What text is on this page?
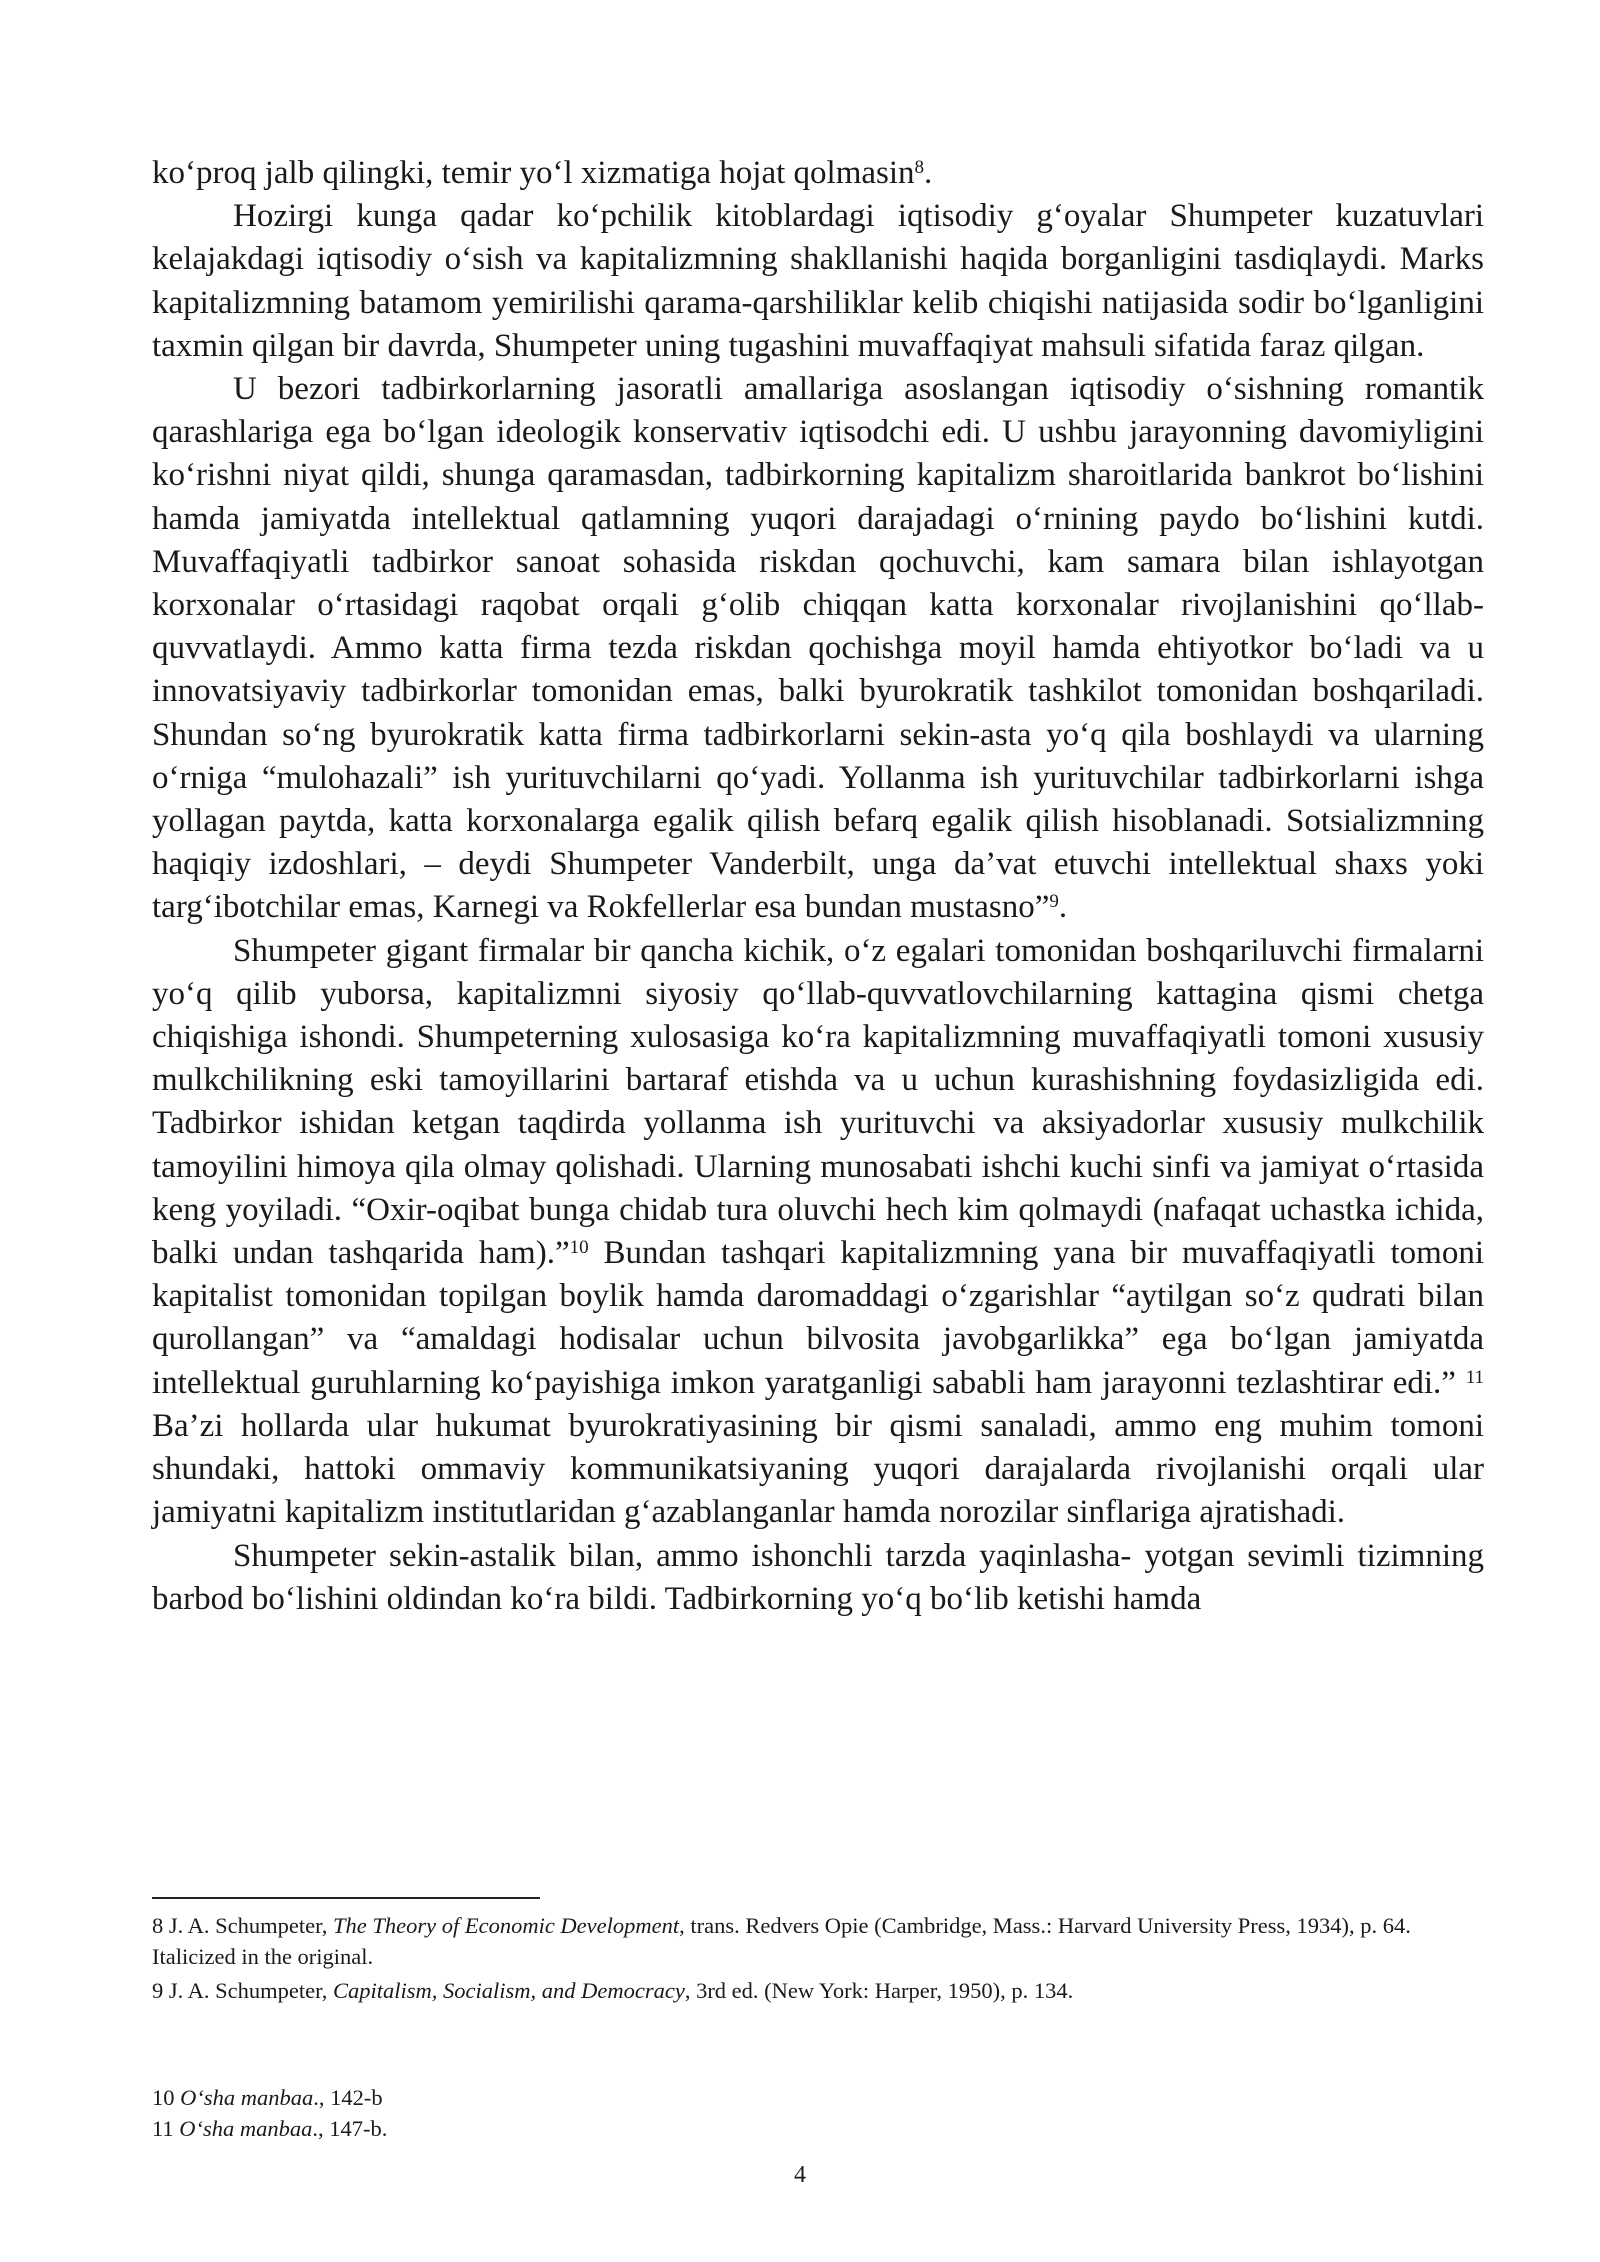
ko‘proq jalb qilingki, temir yo‘l xizmatiga hojat qolmasin$^8$.

Hozirgi kunga qadar ko‘pchilik kitoblardagi iqtisodiy g‘oyalar Shumpeter kuzatuvlari kelajakdagi iqtisodiy o‘sish va kapitalizmning shakllanishi haqida borganligini tasdiqlaydi. Marks kapitalizmning batamom yemirilishi qarama-qarshiliklar kelib chiqishi natijasida sodir bo‘lganligini taxmin qilgan bir davrda, Shumpeter uning tugashini muvaffaqiyat mahsuli sifatida faraz qilgan.

U bezori tadbirkorlarning jasoratli amallariga asoslangan iqtisodiy o‘sishning romantik qarashlariga ega bo‘lgan ideologik konservativ iqtisodchi edi. U ushbu jarayonning davomiyligini ko‘rishni niyat qildi, shunga qaramasdan, tadbirkorning kapitalizm sharoitlarida bankrot bo‘lishini hamda jamiyatda intellektual qatlamning yuqori darajadagi o‘rnining paydo bo‘lishini kutdi. Muvaffaqiyatli tadbirkor sanoat sohasida riskdan qochuvchi, kam samara bilan ishlayotgan korxonalar o‘rtasidagi raqobat orqali g‘olib chiqqan katta korxonalar rivojlanishini qo‘llab-quvvatlaydi. Ammo katta firma tezda riskdan qochishga moyil hamda ehtiyotkor bo‘ladi va u innovatsiyaviy tadbirkorlar tomonidan emas, balki byurokratik tashkilot tomonidan boshqariladi. Shundan so‘ng byurokratik katta firma tadbirkorlarni sekin-asta yo‘q qila boshlaydi va ularning o‘rniga “mulohazali” ish yurituvchilarni qo‘yadi. Yollanma ish yurituvchilar tadbirkorlarni ishga yollagan paytda, katta korxonalarga egalik qilish befarq egalik qilish hisoblanadi. Sotsializmning haqiqiy izdoshlari, – deydi Shumpeter Vanderbilt, unga da’vat etuvchi intellektual shaxs yoki targ‘ibotchilar emas, Karnegi va Rokfellerlar esa bundan mustasno”$^9$.

Shumpeter gigant firmalar bir qancha kichik, o‘z egalari tomonidan boshqariluvchi firmalarni yo‘q qilib yuborsa, kapitalizmni siyosiy qo‘llab-quvvatlovchilarning kattagina qismi chetga chiqishiga ishondi. Shumpeterning xulosasiga ko‘ra kapitalizmning muvaffaqiyatli tomoni xususiy mulkchilikning eski tamoyillarini bartaraf etishda va u uchun kurashishning foydasizligida edi. Tadbirkor ishidan ketgan taqdirda yollanma ish yurituvchi va aksiyadorlar xususiy mulkchilik tamoyilini himoya qila olmay qolishadi. Ularning munosabati ishchi kuchi sinfi va jamiyat o‘rtasida keng yoyiladi. “Oxir-oqibat bunga chidab tura oluvchi hech kim qolmaydi (nafaqat uchastka ichida, balki undan tashqarida ham).”$^{10}$ Bundan tashqari kapitalizmning yana bir muvaffaqiyatli tomoni kapitalist tomonidan topilgan boylik hamda daromaddagi o‘zgarishlar “aytilgan so‘z qudrati bilan qurollangan” va “amaldagi hodisalar uchun bilvosita javobgarlikka” ega bo‘lgan jamiyatda intellektual guruhlarning ko‘payishiga imkon yaratganligi sababli ham jarayonni tezlashtirar edi.” $^{11}$ Ba’zi hollarda ular hukumat byurokratiyasining bir qismi sanaladi, ammo eng muhim tomoni shundaki, hattoki ommaviy kommunikatsiyaning yuqori darajalarda rivojlanishi orqali ular jamiyatni kapitalizm institutlaridan g‘azablanganlar hamda norozilar sinflariga ajratishadi.

Shumpeter sekin-astalik bilan, ammo ishonchli tarzda yaqinlasha- yotgan sevimli tizimning barbod bo‘lishini oldindan ko‘ra bildi. Tadbirkorning yo‘q bo‘lib ketishi hamda

8 J. A. Schumpeter, The Theory of Economic Development, trans. Redvers Opie (Cambridge, Mass.: Harvard University Press, 1934), p. 64. Italicized in the original.

9 J. A. Schumpeter, Capitalism, Socialism, and Democracy, 3rd ed. (New York: Harper, 1950), p. 134.

10 O‘sha manbaa., 142-b

11 O‘sha manbaa., 147-b.

4
